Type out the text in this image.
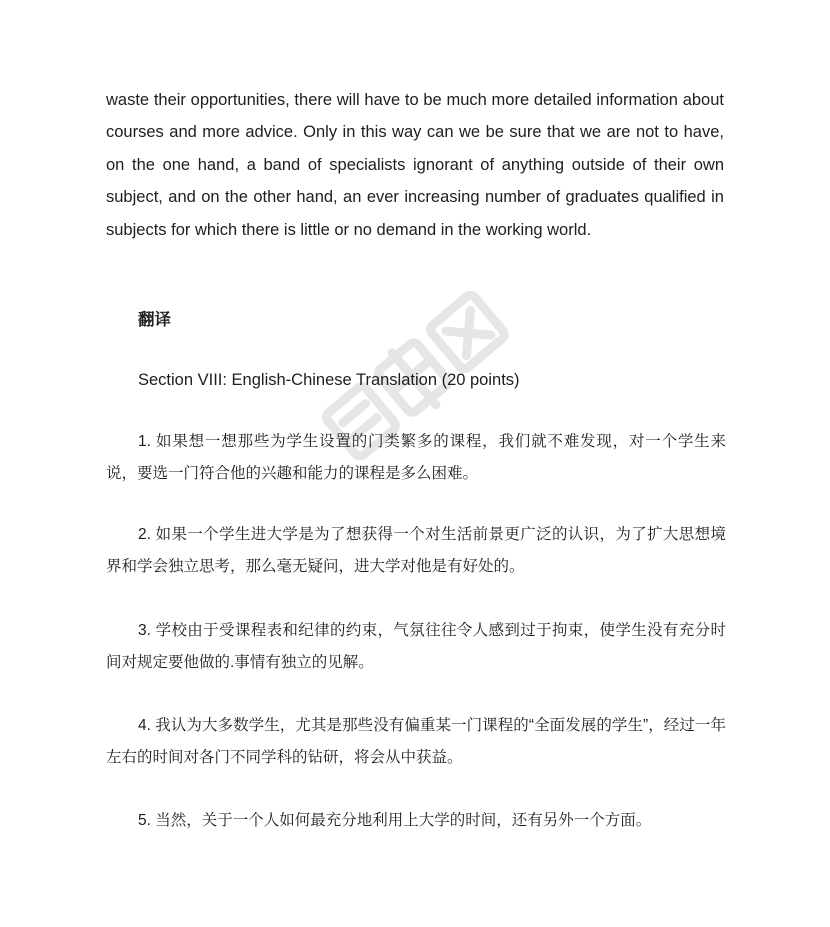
waste their opportunities, there will have to be much more detailed information about courses and more advice. Only in this way can we be sure that we are not to have, on the one hand, a band of specialists ignorant of anything outside of their own subject, and on the other hand, an ever increasing number of graduates qualified in subjects for which there is little or no demand in the working world.

翻译

Section VIII: English-Chinese Translation (20 points)

1. 如果想一想那些为学生设置的门类繁多的课程，我们就不难发现，对一个学生来说，要选一门符合他的兴趣和能力的课程是多么困难。

2. 如果一个学生进大学是为了想获得一个对生活前景更广泛的认识，为了扩大思想境界和学会独立思考，那么毫无疑问，进大学对他是有好处的。

3. 学校由于受课程表和纪律的约束，气氛往往令人感到过于拘束，使学生没有充分时间对规定要他做的.事情有独立的见解。

4. 我认为大多数学生，尤其是那些没有偏重某一门课程的“全面发展的学生”，经过一年左右的时间对各门不同学科的钻研，将会从中获益。

5. 当然，关于一个人如何最充分地利用上大学的时间，还有另外一个方面。
